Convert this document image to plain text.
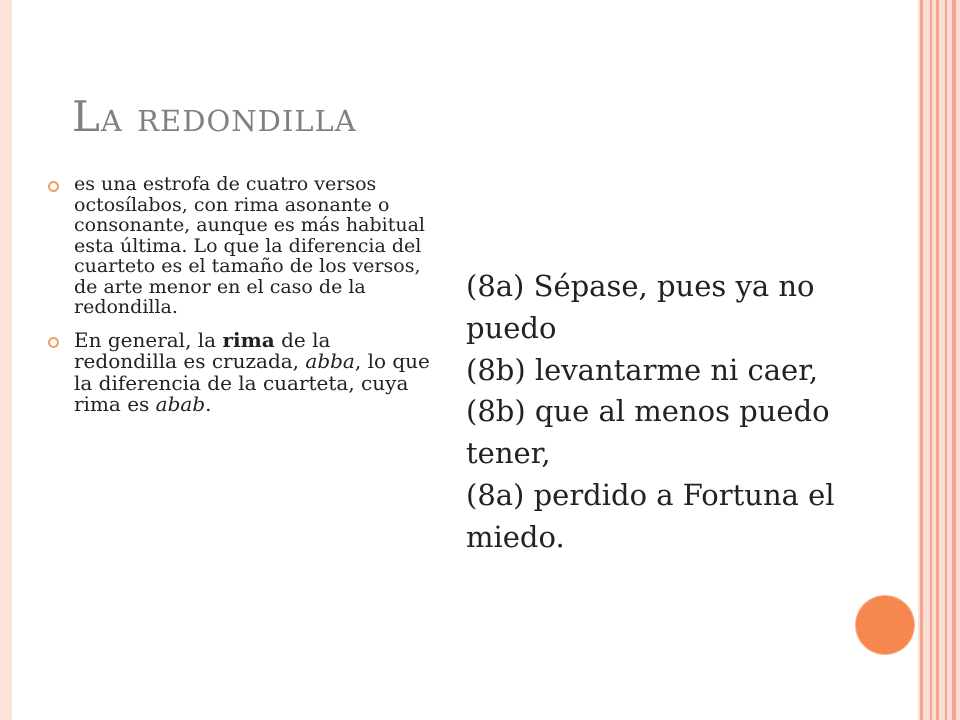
La redondilla
es una estrofa de cuatro versos octosílabos, con rima asonante o consonante, aunque es más habitual esta última. Lo que la diferencia del cuarteto es el tamaño de los versos, de arte menor en el caso de la redondilla.
En general, la rima de la redondilla es cruzada, abba, lo que la diferencia de la cuarteta, cuya rima es abab.
(8a) Sépase, pues ya no puedo
(8b) levantarme ni caer,
(8b) que al menos puedo tener,
(8a) perdido a Fortuna el miedo.
